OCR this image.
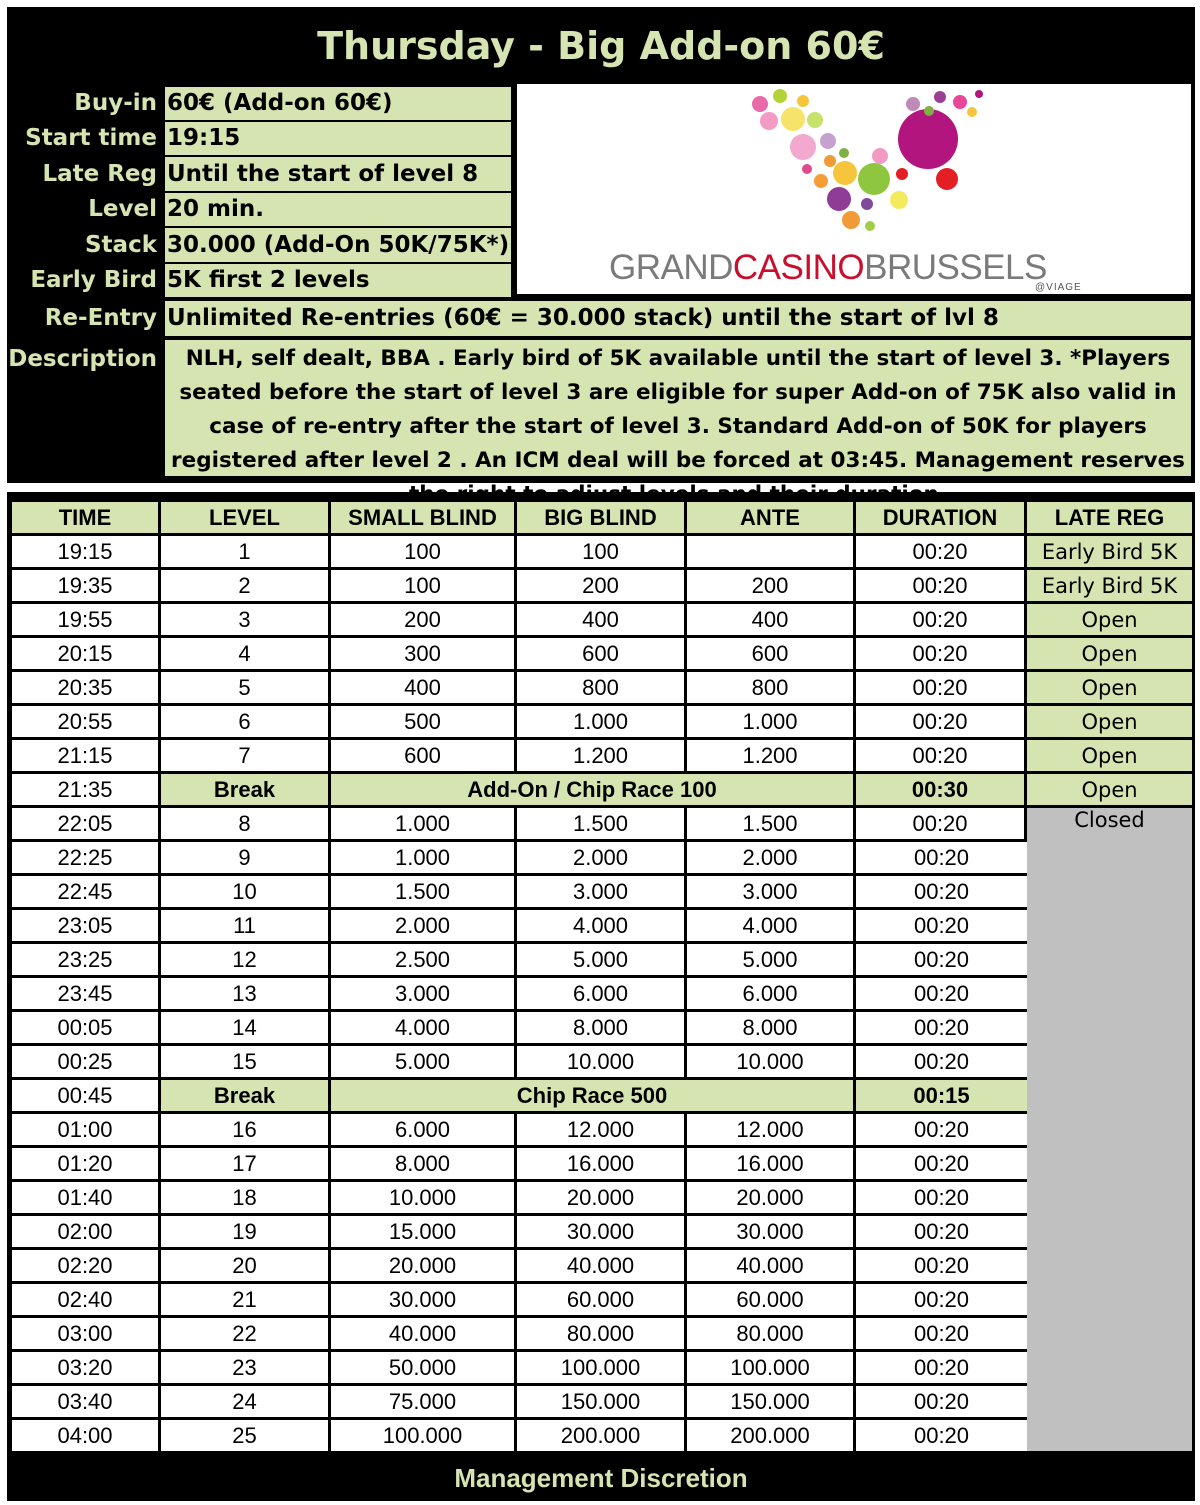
Thursday - Big Add-on 60€
Buy-in 60€ (Add-on 60€)
Start time 19:15
Late Reg Until the start of level 8
Level 20 min.
Stack 30.000 (Add-On 50K/75K*)
Early Bird 5K first 2 levels
Re-Entry Unlimited Re-entries (60€ = 30.000 stack) until the start of lvl 8
Description	NLH, self dealt, BBA . Early bird of 5K available until the start of level 3. *Players seated before the start of level 3 are eligible for super Add-on of 75K also valid in case of re-entry after the start of level 3. Standard Add-on of 50K for players registered after level 2 . An ICM deal will be forced at 03:45. Management reserves
GRANDCASINOBRUSSELS
@VIAGE
TIME	LEVEL	SMALL BLIND	BIG BLIND	ANTE	DURATION	LATE REG
19:15	1	100	100		00:20	Early Bird 5K
19:35	2	100	200	200	00:20	Early Bird 5K
19:55	3	200	400	400	00:20	Open
20:15	4	300	600	600	00:20	Open
20:35	5	400	800	800	00:20	Open
20:55	6	500	1.000	1.000	00:20	Open
21:15	7	600	1.200	1.200	00:20	Open
21:35	Break	Add-On / Chip Race 100			00:30	Open
22:05	8	1.000	1.500	1.500	00:20	Closed
22:25	9	1.000	2.000	2.000	00:20	
22:45	10	1.500	3.000	3.000	00:20	
23:05	11	2.000	4.000	4.000	00:20	
23:25	12	2.500	5.000	5.000	00:20	
23:45	13	3.000	6.000	6.000	00:20	
00:05	14	4.000	8.000	8.000	00:20	
00:25	15	5.000	10.000	10.000	00:20	
00:45	Break	Chip Race 500			00:15	
01:00	16	6.000	12.000	12.000	00:20	
01:20	17	8.000	16.000	16.000	00:20	
01:40	18	10.000	20.000	20.000	00:20	
02:00	19	15.000	30.000	30.000	00:20	
02:20	20	20.000	40.000	40.000	00:20	
02:40	21	30.000	60.000	60.000	00:20	
03:00	22	40.000	80.000	80.000	00:20	
03:20	23	50.000	100.000	100.000	00:20	
03:40	24	75.000	150.000	150.000	00:20	
04:00	25	100.000	200.000	200.000	00:20	
Management Discretion
